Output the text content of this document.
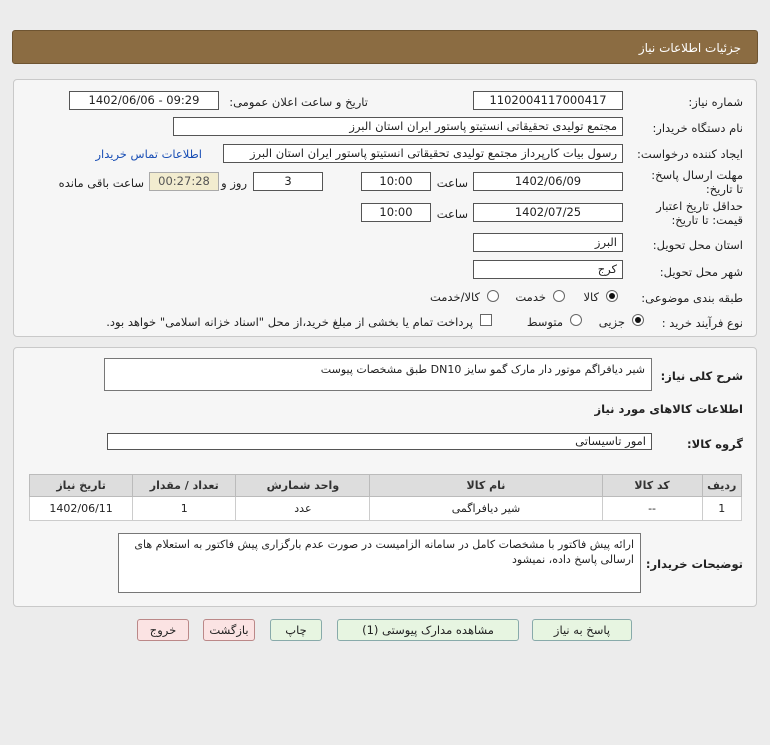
جزئیات اطلاعات نیاز
شماره نیاز:
1102004117000417
تاریخ و ساعت اعلان عمومی:
1402/06/06 - 09:29
نام دستگاه خریدار:
مجتمع تولیدی تحقیقاتی انستیتو پاستور ایران استان البرز
ایجاد کننده درخواست:
رسول بیات کارپرداز مجتمع تولیدی تحقیقاتی انستیتو پاستور ایران استان البرز
اطلاعات تماس خریدار
مهلت ارسال پاسخ: تا تاریخ:
1402/06/09
ساعت
10:00
3
روز و
00:27:28
ساعت باقی مانده
حداقل تاریخ اعتبار قیمت: تا تاریخ:
1402/07/25
ساعت
10:00
استان محل تحویل:
البرز
شهر محل تحویل:
کرج
طبقه بندی موضوعی:
کالا
خدمت
کالا/خدمت
نوع فرآیند خرید :
جزیی
متوسط
پرداخت تمام یا بخشی از مبلغ خرید،از محل "اسناد خزانه اسلامی" خواهد بود.
شرح کلی نیاز:
شیر دیافراگم موتور دار مارک گمو سایز DN10 طبق مشخصات پیوست
اطلاعات کالاهای مورد نیاز
گروه کالا:
امور تاسیساتی
ردیف	کد کالا	نام کالا	واحد شمارش	تعداد / مقدار	تاریخ نیاز
1	--	شیر دیافراگمی	عدد	1	1402/06/11
توضیحات خریدار:
ارائه پیش فاکتور با مشخصات کامل در سامانه الزامیست در صورت عدم بارگزاری پیش فاکتور به استعلام های ارسالی پاسخ داده، نمیشود
پاسخ به نیاز
مشاهده مدارک پیوستی (1)
چاپ
بازگشت
خروج
